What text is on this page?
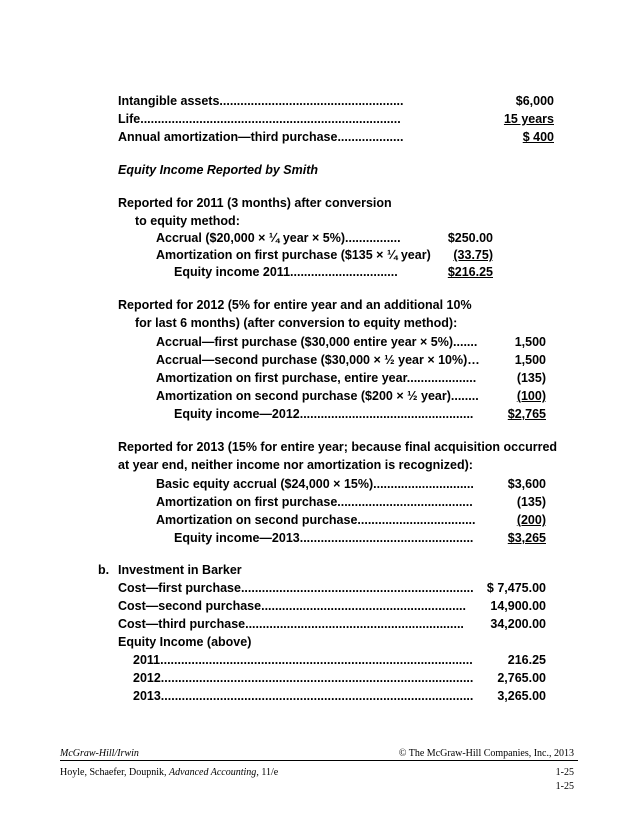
Intangible assets.....................................................	$6,000
Life...........................................................................	15 years
Annual amortization—third purchase...................	$ 400
Equity Income Reported by Smith
Reported for 2011 (3 months) after conversion
to equity method:
Accrual ($20,000 × ¼ year × 5%)................	$250.00
Amortization on first purchase ($135 × ¼ year)	(33.75)
Equity income 2011...............................	$216.25
Reported for 2012 (5% for entire year and an additional 10%
for last 6 months) (after conversion to equity method):
Accrual—first purchase ($30,000 entire year × 5%).......	1,500
Accrual—second purchase ($30,000 × ½ year × 10%)…	1,500
Amortization on first purchase, entire year....................	(135)
Amortization on second purchase ($200 × ½ year)........	(100)
Equity income—2012..................................................	$2,765
Reported for 2013 (15% for entire year; because final acquisition occurred
at year end, neither income nor amortization is recognized):
Basic equity accrual ($24,000 × 15%).............................	$3,600
Amortization on first purchase.......................................	(135)
Amortization on second purchase..................................	(200)
Equity income—2013..................................................	$3,265
b. Investment in Barker
Cost—first purchase................................................................... $ 7,475.00
Cost—second purchase........................................................... 14,900.00
Cost—third purchase............................................................... 34,200.00
Equity Income (above)
2011..........................................................................................	216.25
2012.......................................................................................... 2,765.00
2013.......................................................................................... 3,265.00
McGraw-Hill/Irwin	© The McGraw-Hill Companies, Inc., 2013
Hoyle, Schaefer, Doupnik, Advanced Accounting, 11/e	1-25
1-25
